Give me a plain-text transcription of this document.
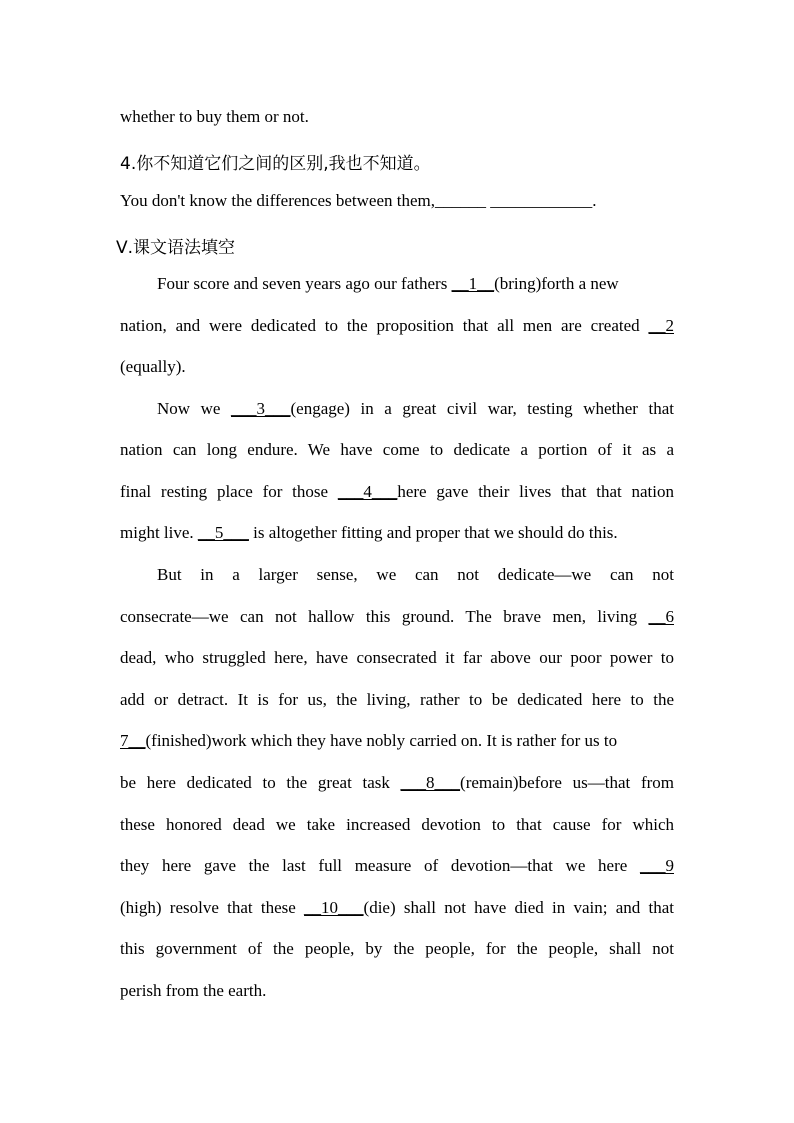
whether to buy them or not.
4.你不知道它们之间的区别,我也不知道。
You don't know the differences between them,______ ____________.
Ⅴ.课文语法填空
Four score and seven years ago our fathers __1__(bring)forth a new
nation, and were dedicated to the proposition that all men are created __2
(equally).
Now we ___3___(engage) in a great civil war, testing whether that
nation can long endure. We have come to dedicate a portion of it as a
final resting place for those ___4___here gave their lives that that nation
might live. __5___ is altogether fitting and proper that we should do this.
But in a larger sense, we can not dedicate—we can not
consecrate—we can not hallow this ground. The brave men, living __6
dead, who struggled here, have consecrated it far above our poor power to
add or detract. It is for us, the living, rather to be dedicated here to the
7__(finished)work which they have nobly carried on. It is rather for us to
be here dedicated to the great task ___8___(remain)before us—that from
these honored dead we take increased devotion to that cause for which
they here gave the last full measure of devotion—that we here ___9
(high) resolve that these __10___(die) shall not have died in vain; and that
this government of the people, by the people, for the people, shall not
perish from the earth.
